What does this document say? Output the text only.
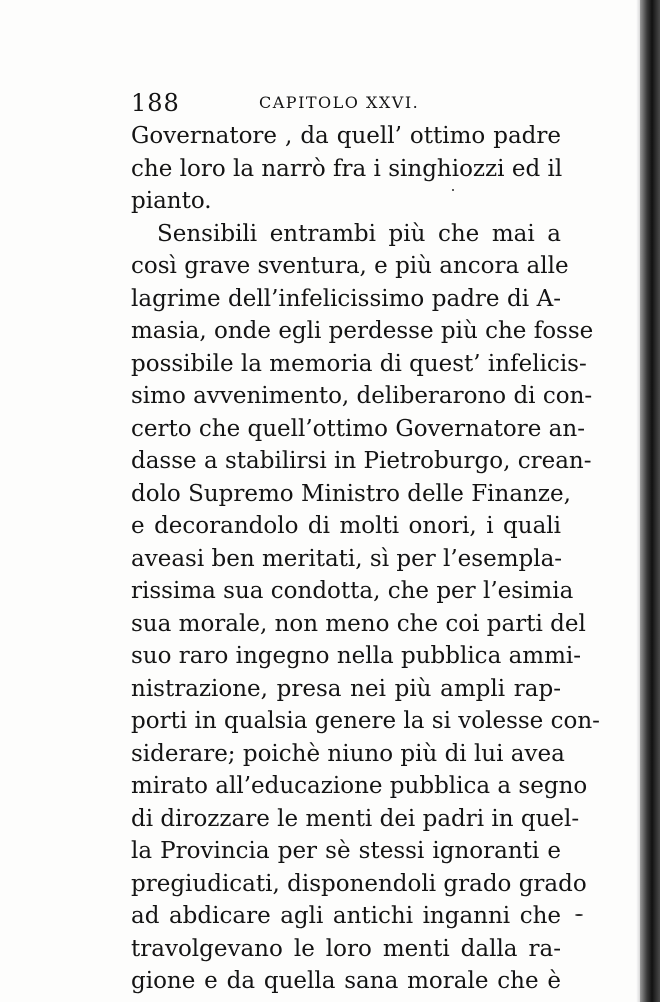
188	CAPITOLO XXVI.
Governatore , da quell’ ottimo padre
che loro la narrò fra i singhiozzi ed il
pianto.
Sensibili entrambi più che mai a
così grave sventura, e più ancora alle
lagrime dell’infelicissimo padre di A-
masia, onde egli perdesse più che fosse
possibile la memoria di quest’ infelicis-
simo avvenimento, deliberarono di con-
certo che quell’ottimo Governatore an-
dasse a stabilirsi in Pietroburgo, crean-
dolo Supremo Ministro delle Finanze,
e decorandolo di molti onori, i quali
aveasi ben meritati, sì per l’esempla-
rissima sua condotta, che per l’esimia
sua morale, non meno che coi parti del
suo raro ingegno nella pubblica ammi-
nistrazione, presa nei più ampli rap-
porti in qualsia genere la si volesse con-
siderare; poichè niuno più di lui avea
mirato all’educazione pubblica a segno
di dirozzare le menti dei padri in quel-
la Provincia per sè stessi ignoranti e
pregiudicati, disponendoli grado grado
ad abdicare agli antichi inganni che
travolgevano le loro menti dalla ra-
gione e da quella sana morale che è
